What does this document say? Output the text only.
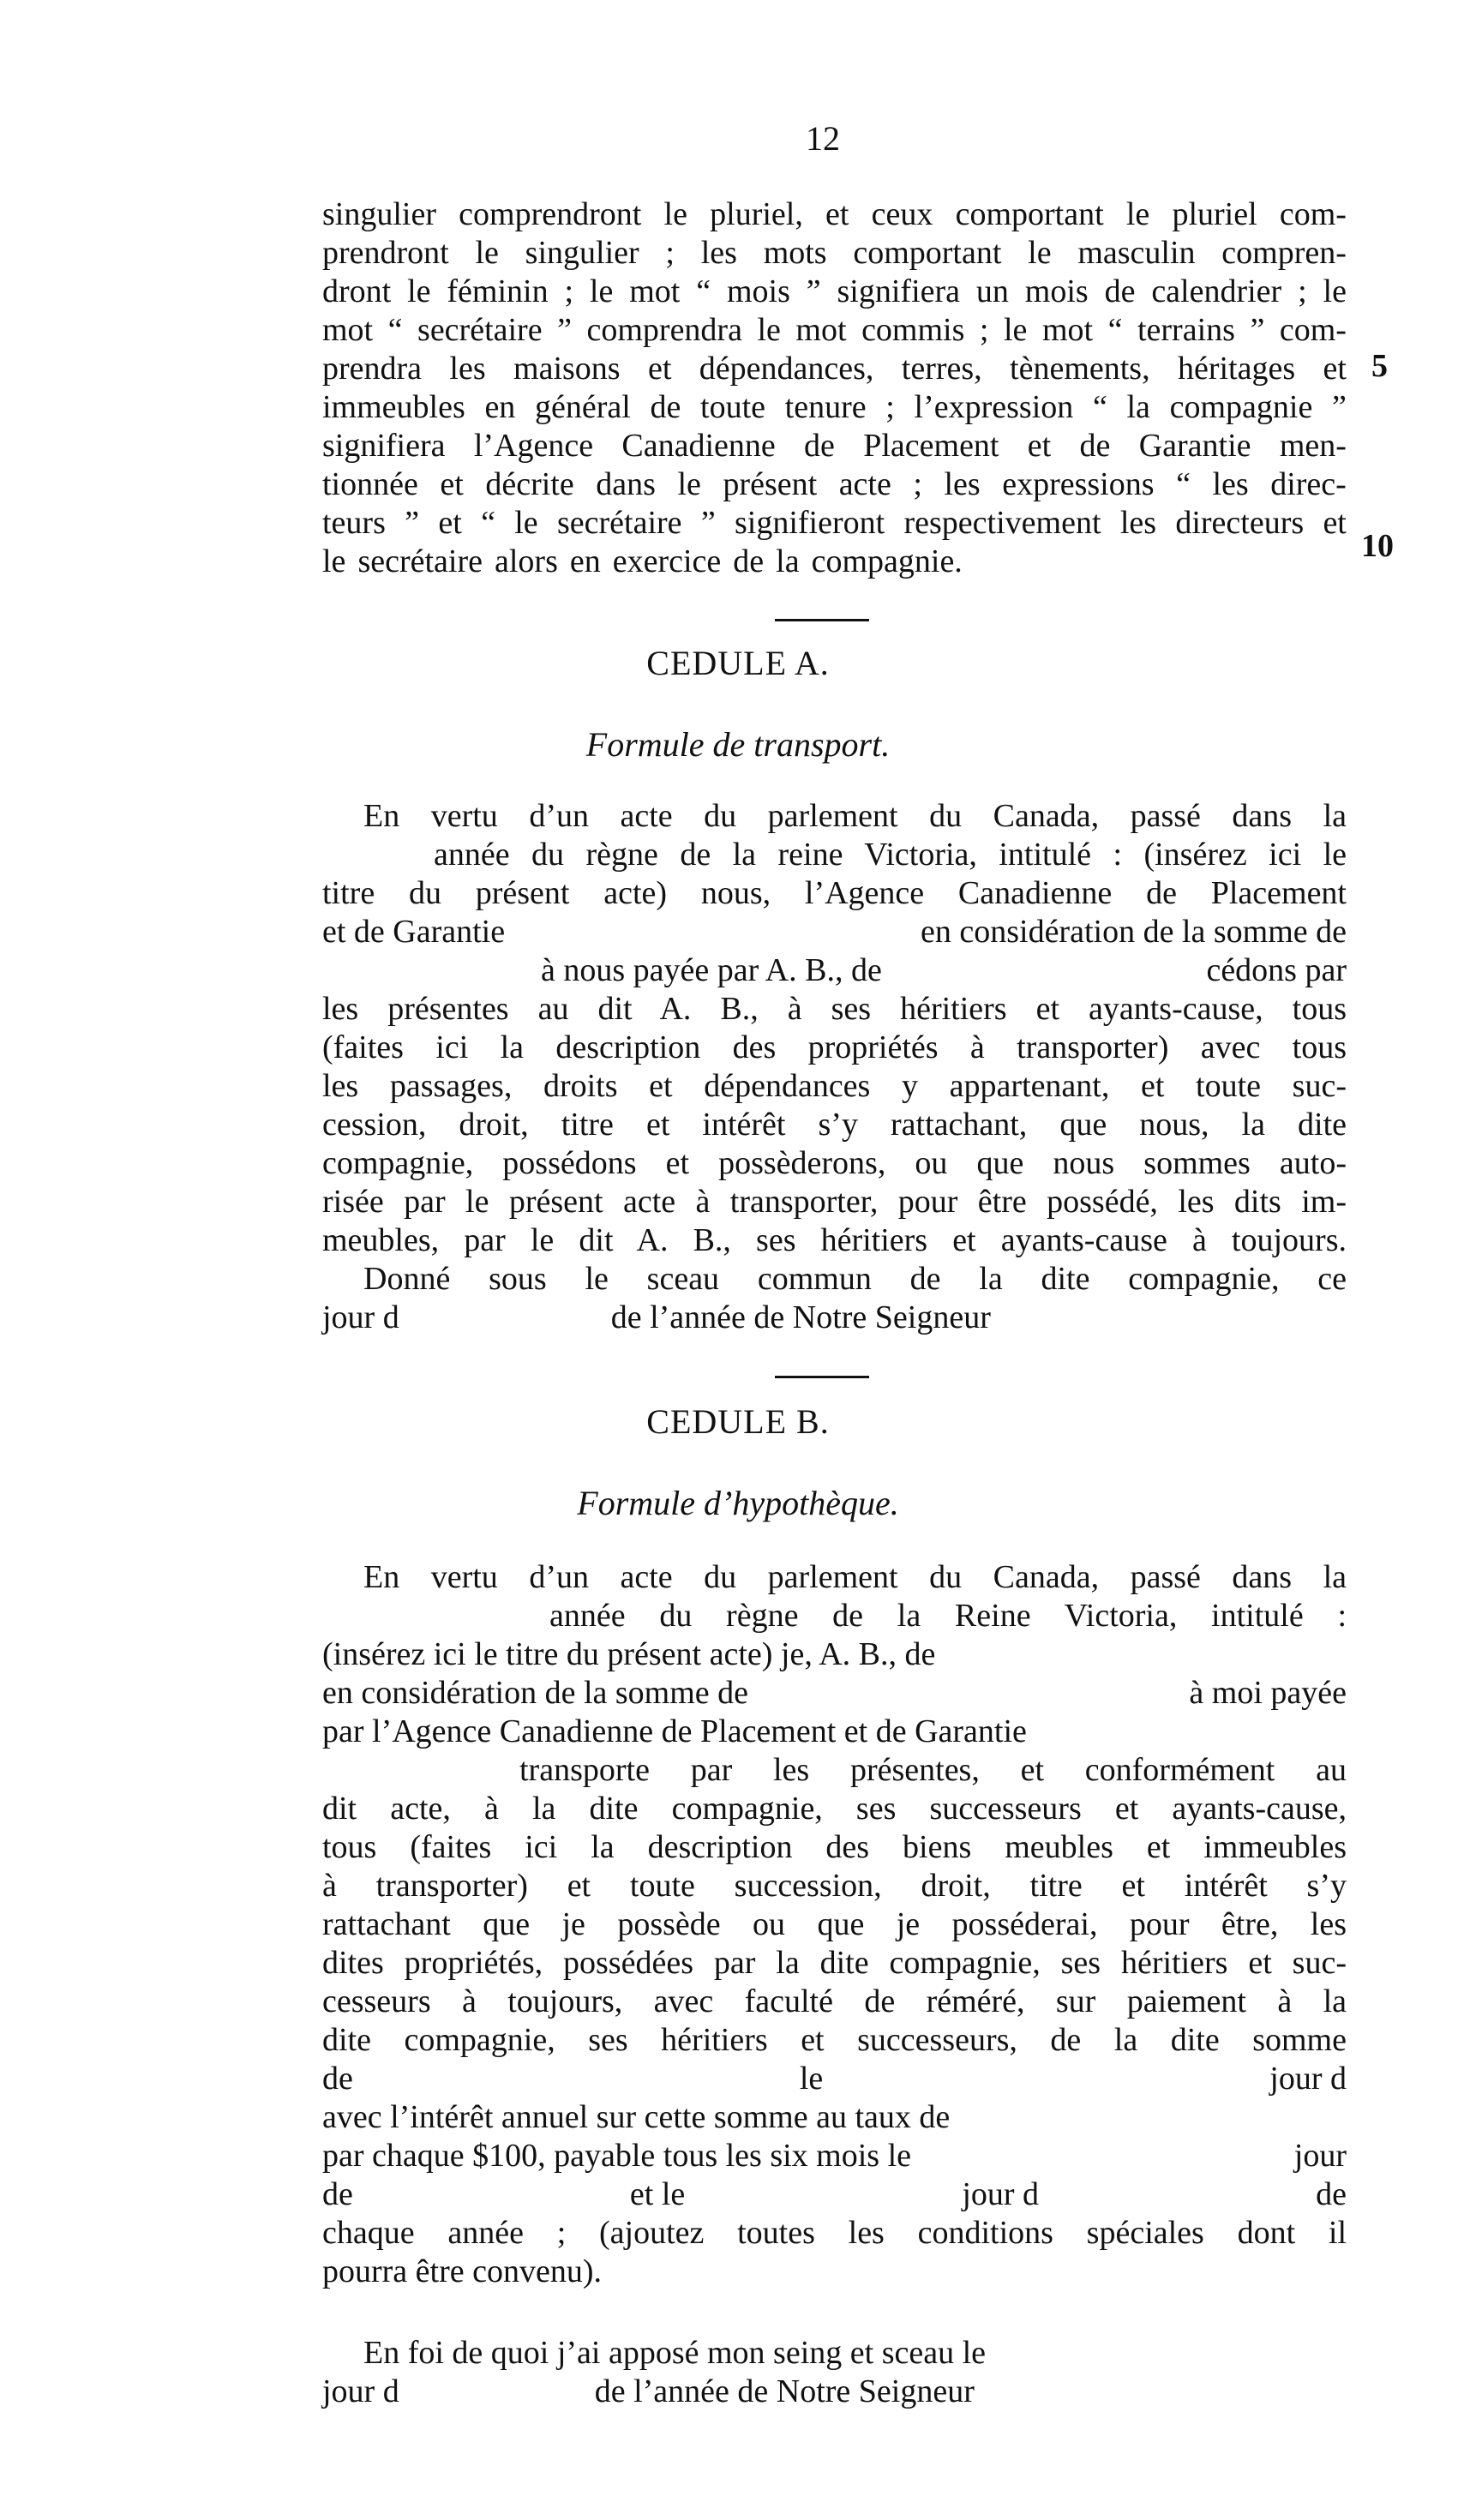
12
singulier comprendront le pluriel, et ceux comportant le pluriel com-
prendront le singulier ; les mots comportant le masculin compren-
dront le féminin ; le mot “ mois ” signifiera un mois de calendrier ; le
mot “ secrétaire ” comprendra le mot commis ; le mot “ terrains ” com-
prendra les maisons et dépendances, terres, tènements, héritages et
immeubles en général de toute tenure ; l’expression “ la compagnie ”
signifiera l’Agence Canadienne de Placement et de Garantie men-
tionnée et décrite dans le présent acte ; les expressions “ les direc-
teurs ” et “ le secrétaire ” signifieront respectivement les directeurs et
le secrétaire alors en exercice de la compagnie.
5
10
CEDULE A.
Formule de transport.
En vertu d’un acte du parlement du Canada, passé dans la
année du règne de la reine Victoria, intitulé : (insérez ici le
titre du présent acte) nous, l’Agence Canadienne de Placement
et de Garantie	en considération de la somme de
à nous payée par A. B., de	cédons par
les présentes au dit A. B., à ses héritiers et ayants-cause, tous
(faites ici la description des propriétés à transporter) avec tous
les passages, droits et dépendances y appartenant, et toute suc-
cession, droit, titre et intérêt s’y rattachant, que nous, la dite
compagnie, possédons et possèderons, ou que nous sommes auto-
risée par le présent acte à transporter, pour être possédé, les dits im-
meubles, par le dit A. B., ses héritiers et ayants-cause à toujours.
Donné sous le sceau commun de la dite compagnie, ce
jour d                          de l’année de Notre Seigneur
CEDULE B.
Formule d’hypothèque.
En vertu d’un acte du parlement du Canada, passé dans la
année du règne de la Reine Victoria, intitulé :
(insérez ici le titre du présent acte) je, A. B., de
en considération de la somme de	à moi payée
par l’Agence Canadienne de Placement et de Garantie
transporte par les présentes, et conformément au
dit acte, à la dite compagnie, ses successeurs et ayants-cause,
tous (faites ici la description des biens meubles et immeubles
à transporter) et toute succession, droit, titre et intérêt s’y
rattachant que je possède ou que je posséderai, pour être, les
dites propriétés, possédées par la dite compagnie, ses héritiers et suc-
cesseurs à toujours, avec faculté de réméré, sur paiement à la
dite compagnie, ses héritiers et successeurs, de la dite somme
de	le	jour d
avec l’intérêt annuel sur cette somme au taux de
par chaque $100, payable tous les six mois le	jour
de	et le	jour d	de
chaque année ; (ajoutez toutes les conditions spéciales dont il
pourra être convenu).
En foi de quoi j’ai apposé mon seing et sceau le
jour d                        de l’année de Notre Seigneur
